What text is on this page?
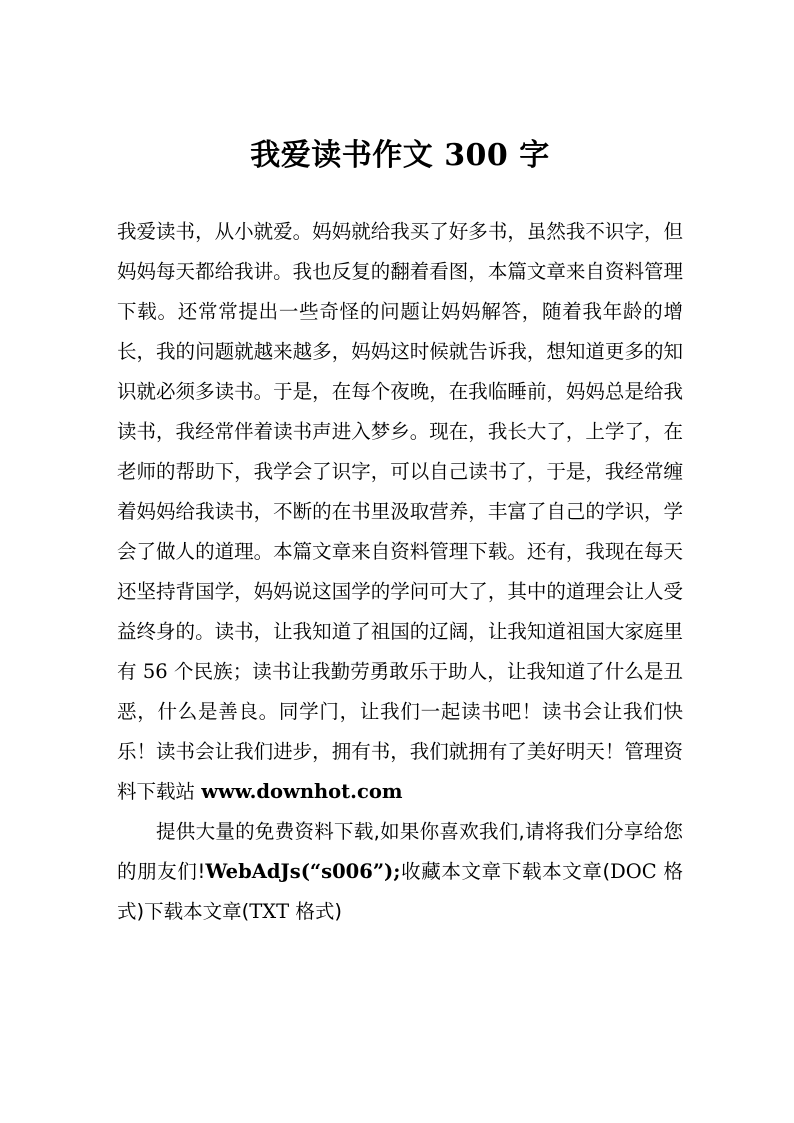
我爱读书作文 300 字

我爱读书，从小就爱。妈妈就给我买了好多书，虽然我不识字，但妈妈每天都给我讲。我也反复的翻着看图，本篇文章来自资料管理下载。还常常提出一些奇怪的问题让妈妈解答，随着我年龄的增长，我的问题就越来越多，妈妈这时候就告诉我，想知道更多的知识就必须多读书。于是，在每个夜晚，在我临睡前，妈妈总是给我读书，我经常伴着读书声进入梦乡。现在，我长大了，上学了，在老师的帮助下，我学会了识字，可以自己读书了，于是，我经常缠着妈妈给我读书，不断的在书里汲取营养，丰富了自己的学识，学会了做人的道理。本篇文章来自资料管理下载。还有，我现在每天还坚持背国学，妈妈说这国学的学问可大了，其中的道理会让人受益终身的。读书，让我知道了祖国的辽阔，让我知道祖国大家庭里有 56 个民族；读书让我勤劳勇敢乐于助人，让我知道了什么是丑恶，什么是善良。同学门，让我们一起读书吧！读书会让我们快乐！读书会让我们进步，拥有书，我们就拥有了美好明天！管理资料下载站 www.downhot.com

提供大量的免费资料下载,如果你喜欢我们,请将我们分享给您的朋友们!WebAdJs(“s006”);收藏本文章下载本文章(DOC 格式)下载本文章(TXT 格式)
